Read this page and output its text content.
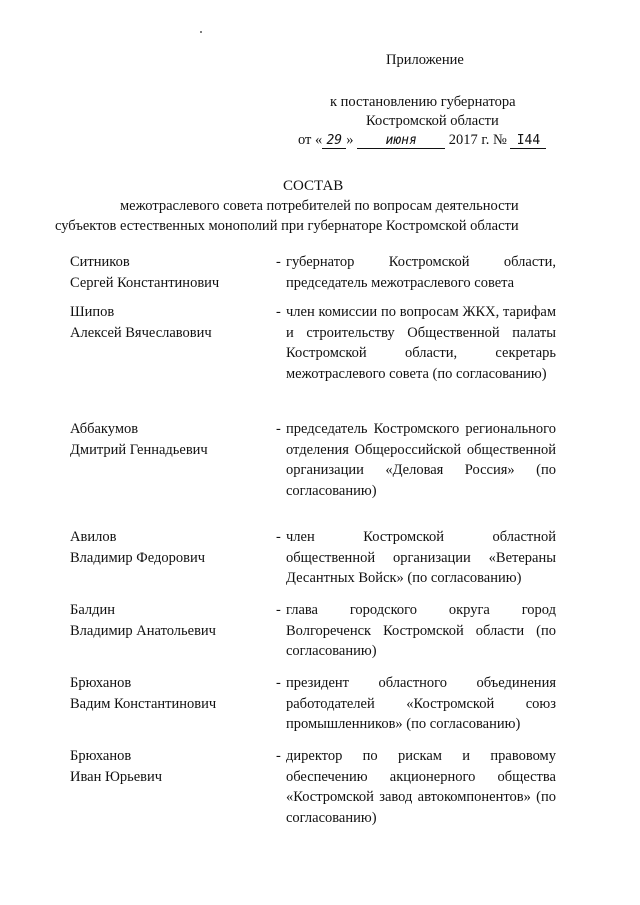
Приложение
к постановлению губернатора
Костромской области
от « 29 » июня 2017 г. № I44
СОСТАВ
межотраслевого совета потребителей по вопросам деятельности
субъектов естественных монополий при губернаторе Костромской области
Ситников
Сергей Константинович
- губернатор Костромской области, председатель межотраслевого совета
Шипов
Алексей Вячеславович
- член комиссии по вопросам ЖКХ, тарифам и строительству Общественной палаты Костромской области, секретарь межотраслевого совета (по согласованию)
Аббакумов
Дмитрий Геннадьевич
- председатель Костромского регионального отделения Общероссийской общественной организации «Деловая Россия» (по согласованию)
Авилов
Владимир Федорович
- член Костромской областной общественной организации «Ветераны Десантных Войск» (по согласованию)
Балдин
Владимир Анатольевич
- глава городского округа город Волгореченск Костромской области (по согласованию)
Брюханов
Вадим Константинович
- президент областного объединения работодателей «Костромской союз промышленников» (по согласованию)
Брюханов
Иван Юрьевич
- директор по рискам и правовому обеспечению акционерного общества «Костромской завод автокомпонентов» (по согласованию)
